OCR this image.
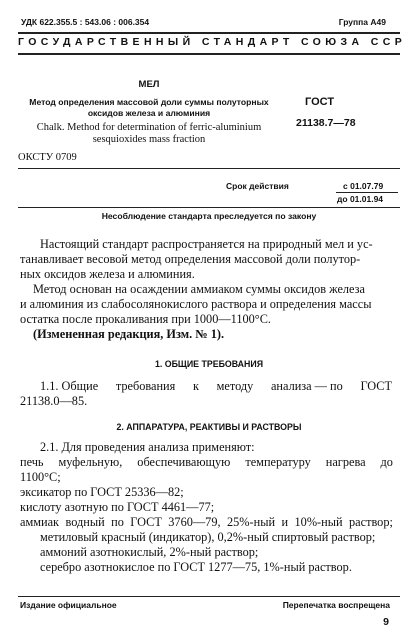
УДК 622.355.5 : 543.06 : 006.354	Группа А49
ГОСУДАРСТВЕННЫЙ СТАНДАРТ СОЮЗА ССР
МЕЛ
Метод определения массовой доли суммы полуторных
оксидов железа и алюминия
Chalk. Method for determination of ferric-aluminium
sesquioxides mass fraction
ГОСТ
21138.7—78
ОКСТУ 0709
Срок действия	с 01.07.79
до 01.01.94
Несоблюдение стандарта преследуется по закону
Настоящий стандарт распространяется на природный мел и ус-
танавливает весовой метод определения массовой доли полутор-
ных оксидов железа и алюминия.
Метод основан на осаждении аммиаком суммы оксидов железа
и алюминия из слабосолянокислого раствора и определения массы
остатка после прокаливания при 1000—1100°С.
(Измененная редакция, Изм. № 1).
1. ОБЩИЕ ТРЕБОВАНИЯ
1.1. Общие требования к методу анализа — по ГОСТ
21138.0—85.
2. АППАРАТУРА, РЕАКТИВЫ И РАСТВОРЫ
2.1. Для проведения анализа применяют:
печь муфельную, обеспечивающую температуру нагрева до
1100°С;
эксикатор по ГОСТ 25336—82;
кислоту азотную по ГОСТ 4461—77;
аммиак водный по ГОСТ 3760—79, 25%-ный и 10%-ный раствор;
метиловый красный (индикатор), 0,2%-ный спиртовый раствор;
аммоний азотнокислый, 2%-ный раствор;
серебро азотнокислое по ГОСТ 1277—75, 1%-ный раствор.
Издание официальное	Перепечатка воспрещена
9
